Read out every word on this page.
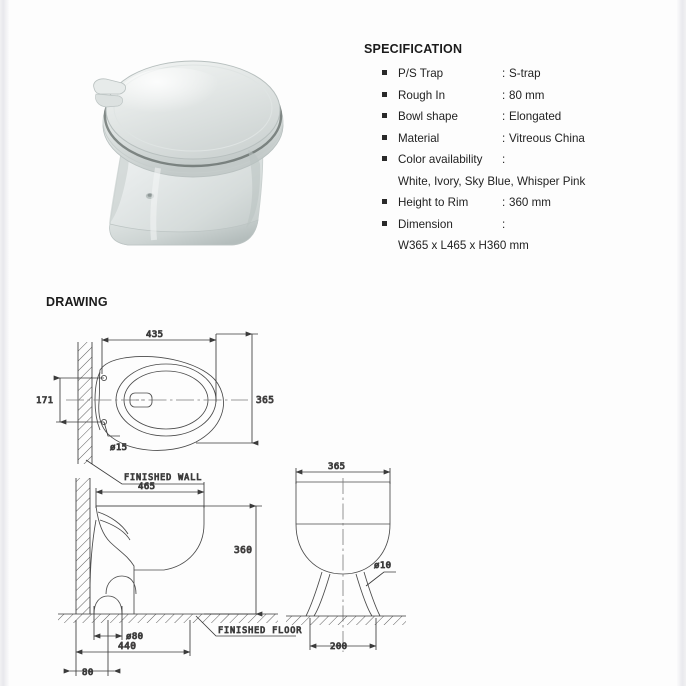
SPECIFICATION
P/S Trap	: S-trap
Rough In	: 80 mm
Bowl shape	: Elongated
Material	: Vitreous China
Color availability	:
White, Ivory, Sky Blue, Whisper Pink
Height to Rim	: 360 mm
Dimension	:
W365 x L465 x H360 mm
DRAWING
435
365
171
ø15
FINISHED WALL
465
360
ø80
440
80
FINISHED FLOOR
365
ø10
200
